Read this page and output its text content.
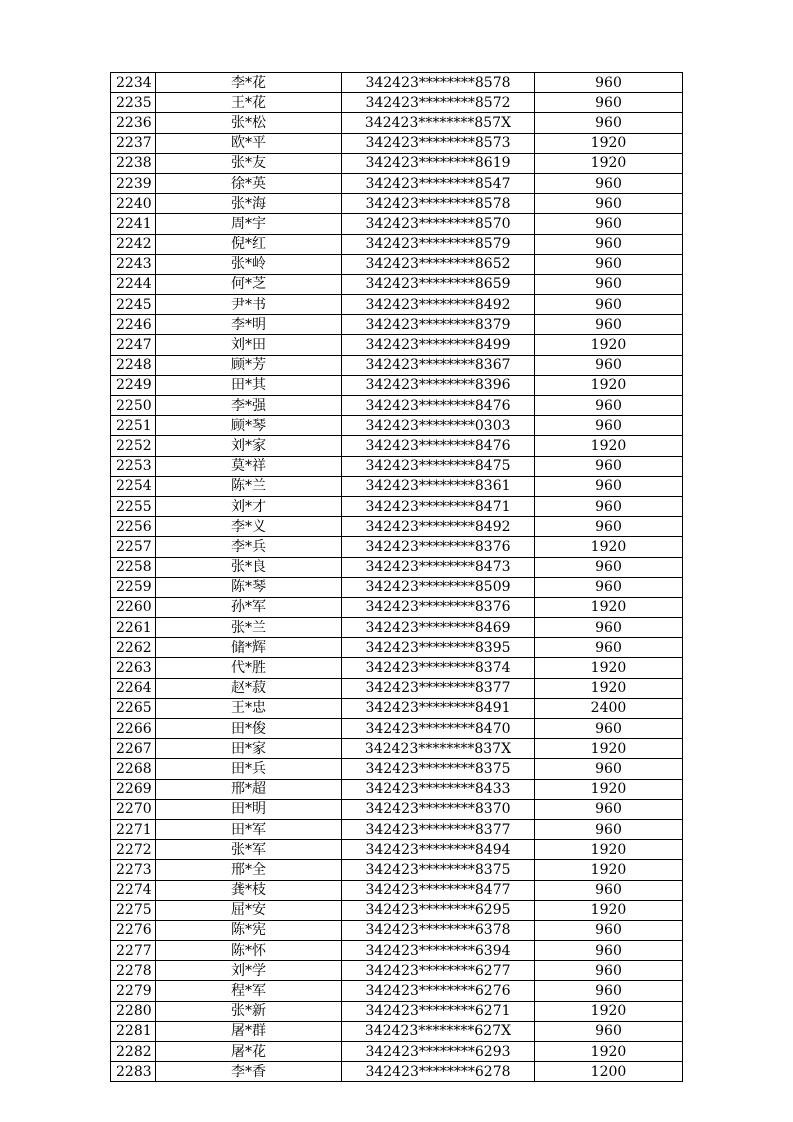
2234	李*花	342423********8578	960
2235	王*花	342423********8572	960
2236	张*松	342423********857X	960
2237	欧*平	342423********8573	1920
2238	张*友	342423********8619	1920
2239	徐*英	342423********8547	960
2240	张*海	342423********8578	960
2241	周*宇	342423********8570	960
2242	倪*红	342423********8579	960
2243	张*岭	342423********8652	960
2244	何*芝	342423********8659	960
2245	尹*书	342423********8492	960
2246	李*明	342423********8379	960
2247	刘*田	342423********8499	1920
2248	顾*芳	342423********8367	960
2249	田*其	342423********8396	1920
2250	李*强	342423********8476	960
2251	顾*琴	342423********0303	960
2252	刘*家	342423********8476	1920
2253	莫*祥	342423********8475	960
2254	陈*兰	342423********8361	960
2255	刘*才	342423********8471	960
2256	李*义	342423********8492	960
2257	李*兵	342423********8376	1920
2258	张*良	342423********8473	960
2259	陈*琴	342423********8509	960
2260	孙*军	342423********8376	1920
2261	张*兰	342423********8469	960
2262	储*辉	342423********8395	960
2263	代*胜	342423********8374	1920
2264	赵*菽	342423********8377	1920
2265	王*忠	342423********8491	2400
2266	田*俊	342423********8470	960
2267	田*家	342423********837X	1920
2268	田*兵	342423********8375	960
2269	邢*超	342423********8433	1920
2270	田*明	342423********8370	960
2271	田*军	342423********8377	960
2272	张*军	342423********8494	1920
2273	邢*全	342423********8375	1920
2274	龚*枝	342423********8477	960
2275	屈*安	342423********6295	1920
2276	陈*宪	342423********6378	960
2277	陈*怀	342423********6394	960
2278	刘*学	342423********6277	960
2279	程*军	342423********6276	960
2280	张*新	342423********6271	1920
2281	屠*群	342423********627X	960
2282	屠*花	342423********6293	1920
2283	李*香	342423********6278	1200
